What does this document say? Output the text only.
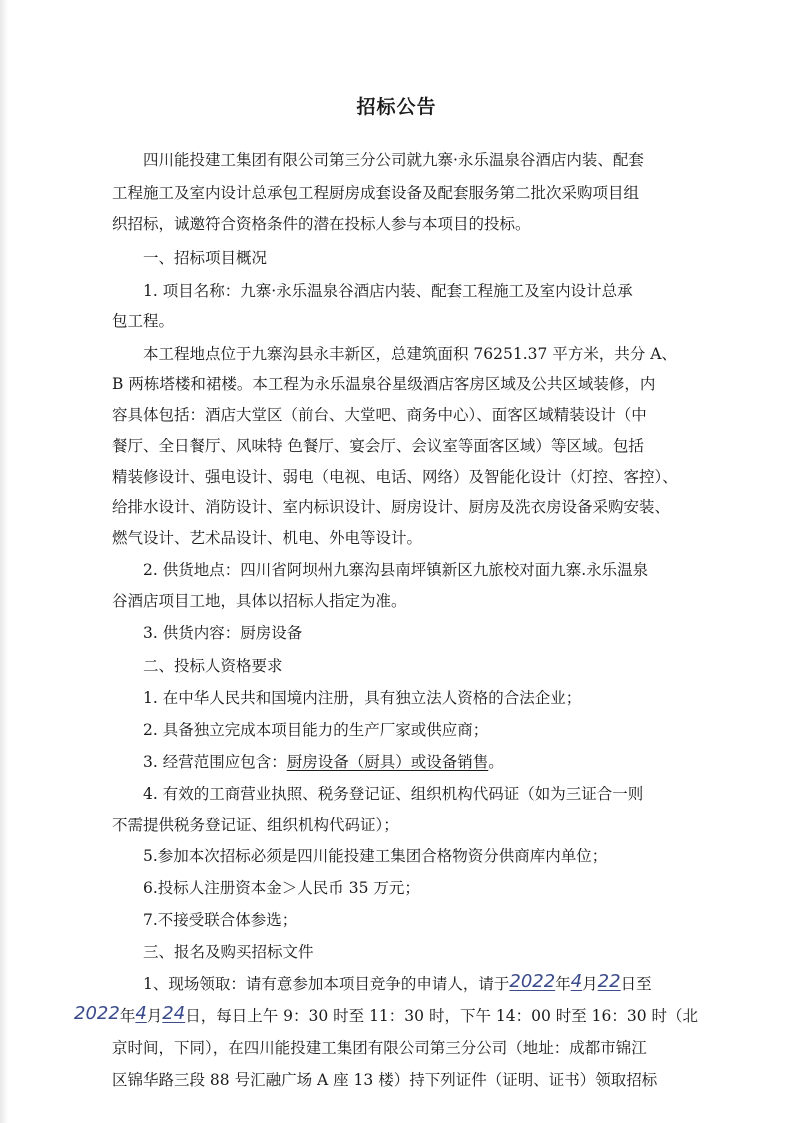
招标公告
四川能投建工集团有限公司第三分公司就九寨·永乐温泉谷酒店内装、配套
工程施工及室内设计总承包工程厨房成套设备及配套服务第二批次采购项目组
织招标，诚邀符合资格条件的潜在投标人参与本项目的投标。
一、招标项目概况
1. 项目名称：九寨·永乐温泉谷酒店内装、配套工程施工及室内设计总承
包工程。
本工程地点位于九寨沟县永丰新区，总建筑面积 76251.37 平方米，共分 A、
B 两栋塔楼和裙楼。本工程为永乐温泉谷星级酒店客房区域及公共区域装修，内
容具体包括：酒店大堂区（前台、大堂吧、商务中心）、面客区域精装设计（中
餐厅、全日餐厅、风味特 色餐厅、宴会厅、会议室等面客区域）等区域。包括
精装修设计、强电设计、弱电（电视、电话、网络）及智能化设计（灯控、客控）、
给排水设计、消防设计、室内标识设计、厨房设计、厨房及洗衣房设备采购安装、
燃气设计、艺术品设计、机电、外电等设计。
2. 供货地点：四川省阿坝州九寨沟县南坪镇新区九旅校对面九寨.永乐温泉
谷酒店项目工地，具体以招标人指定为准。
3. 供货内容：厨房设备
二、投标人资格要求
1. 在中华人民共和国境内注册，具有独立法人资格的合法企业；
2. 具备独立完成本项目能力的生产厂家或供应商；
3. 经营范围应包含：厨房设备（厨具）或设备销售。
4. 有效的工商营业执照、税务登记证、组织机构代码证（如为三证合一则
不需提供税务登记证、组织机构代码证）；
5.参加本次招标必须是四川能投建工集团合格物资分供商库内单位；
6.投标人注册资本金＞人民币 35 万元；
7.不接受联合体参选；
三、报名及购买招标文件
1、现场领取：请有意参加本项目竞争的申请人，请于2022年4月22日至
2022年4月24日，每日上午 9：30 时至 11：30 时，下午 14：00 时至 16：30 时（北
京时间，下同），在四川能投建工集团有限公司第三分公司（地址：成都市锦江
区锦华路三段 88 号汇融广场 A 座 13 楼）持下列证件（证明、证书）领取招标
